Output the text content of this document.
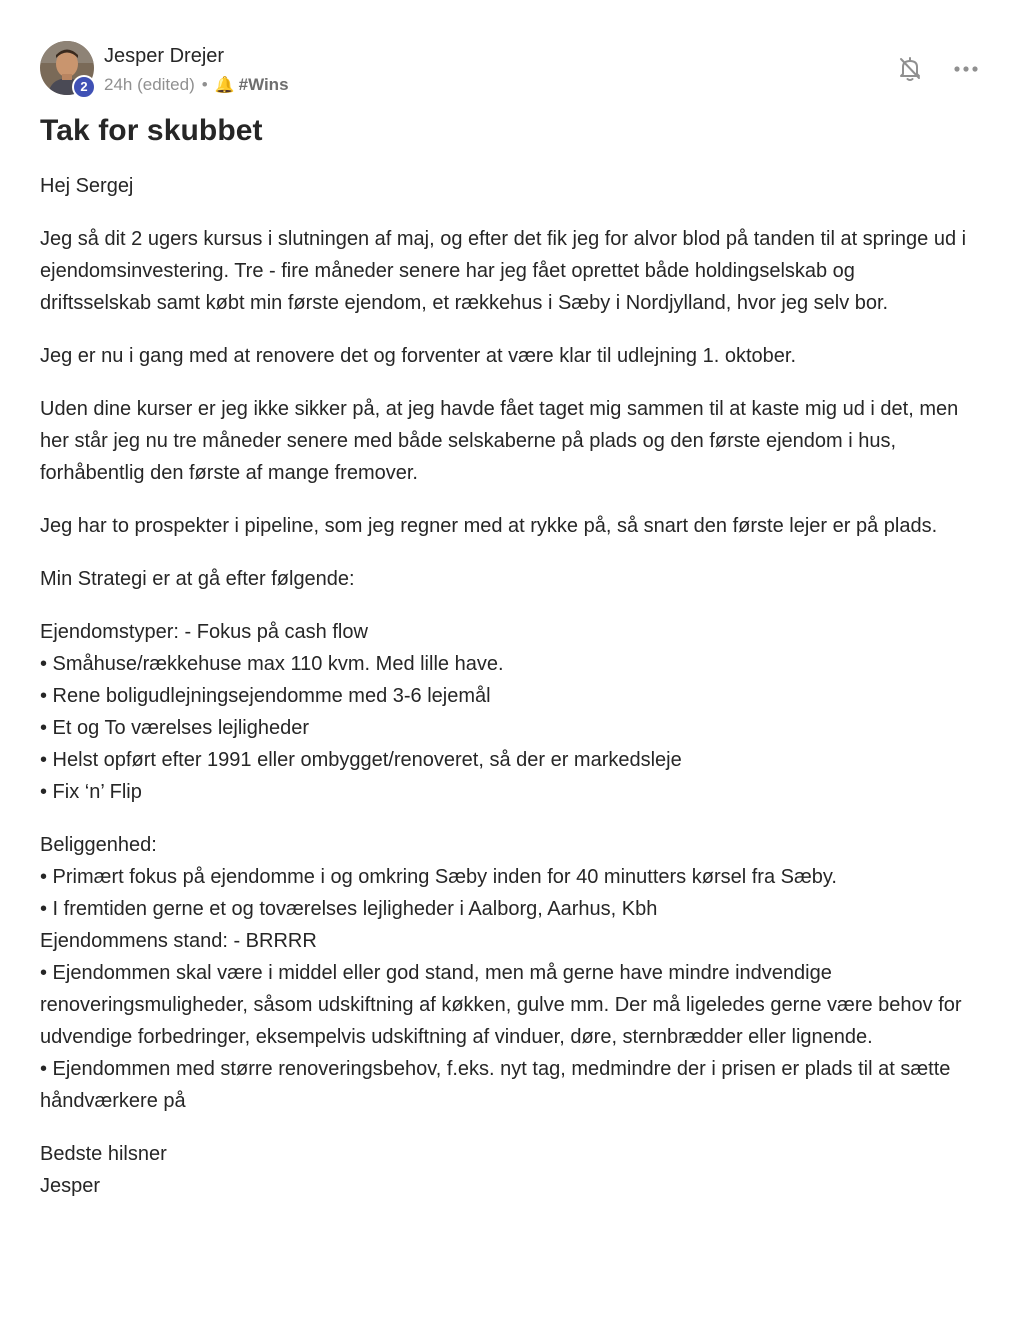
2
Jesper Drejer
24h (edited) • 🔔 #Wins
Tak for skubbet

Hej Sergej

Jeg så dit 2 ugers kursus i slutningen af maj, og efter det fik jeg for alvor blod på tanden til at springe ud i ejendomsinvestering. Tre - fire måneder senere har jeg fået oprettet både holdingselskab og driftsselskab samt købt min første ejendom, et rækkehus i Sæby i Nordjylland, hvor jeg selv bor.

Jeg er nu i gang med at renovere det og forventer at være klar til udlejning 1. oktober.

Uden dine kurser er jeg ikke sikker på, at jeg havde fået taget mig sammen til at kaste mig ud i det, men her står jeg nu tre måneder senere med både selskaberne på plads og den første ejendom i hus, forhåbentlig den første af mange fremover.

Jeg har to prospekter i pipeline, som jeg regner med at rykke på, så snart den første lejer er på plads.

Min Strategi er at gå efter følgende:

Ejendomstyper: - Fokus på cash flow
• Småhuse/rækkehuse max 110 kvm. Med lille have.
• Rene boligudlejningsejendomme med 3-6 lejemål
• Et og To værelses lejligheder
• Helst opført efter 1991 eller ombygget/renoveret, så der er markedsleje
• Fix ‘n’ Flip

Beliggenhed:
• Primært fokus på ejendomme i og omkring Sæby inden for 40 minutters kørsel fra Sæby.
• I fremtiden gerne et og toværelses lejligheder i Aalborg, Aarhus, Kbh
Ejendommens stand: - BRRRR
• Ejendommen skal være i middel eller god stand, men må gerne have mindre indvendige renoveringsmuligheder, såsom udskiftning af køkken, gulve mm. Der må ligeledes gerne være behov for udvendige forbedringer, eksempelvis udskiftning af vinduer, døre, sternbrædder eller lignende.
• Ejendommen med større renoveringsbehov, f.eks. nyt tag, medmindre der i prisen er plads til at sætte håndværkere på

Bedste hilsner
Jesper
